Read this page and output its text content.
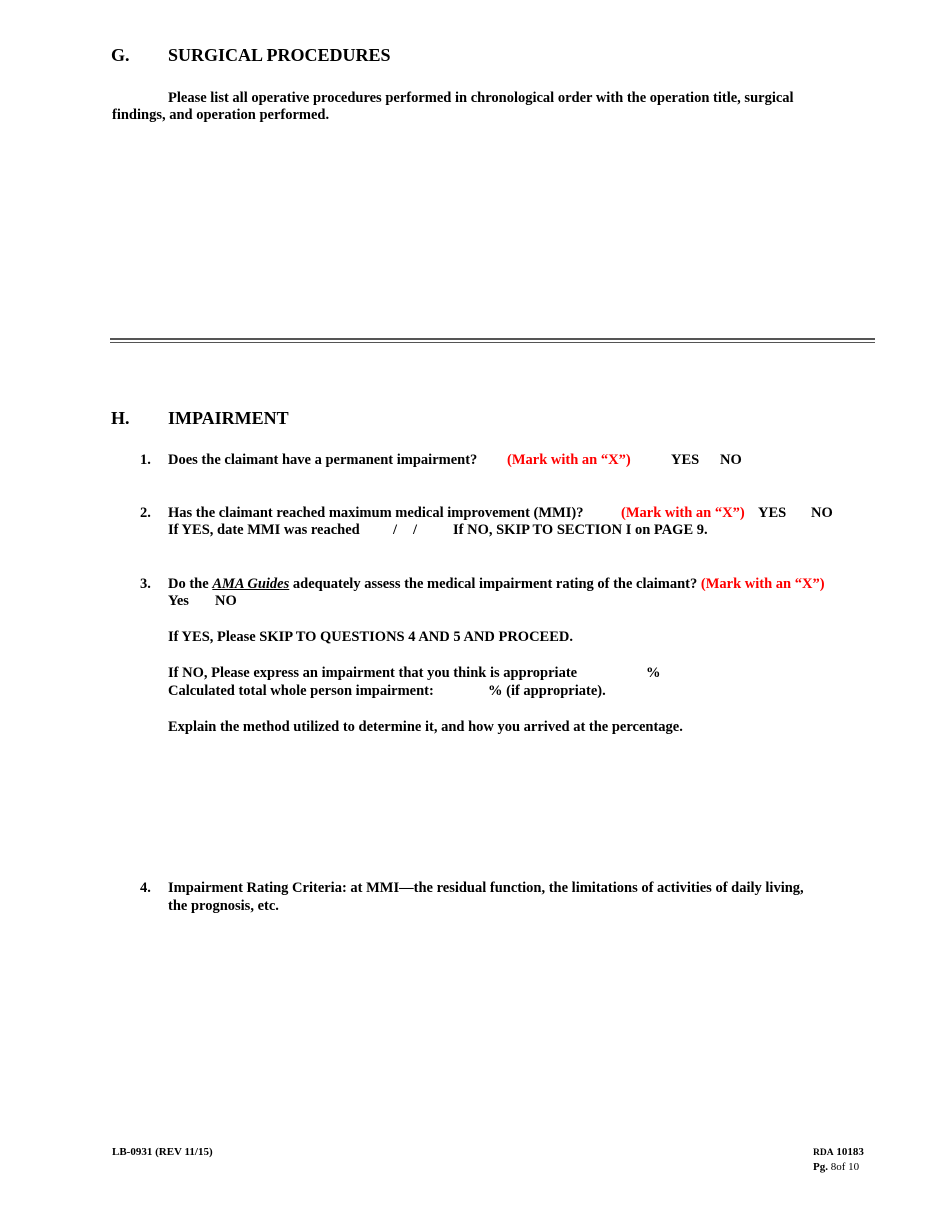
G. SURGICAL PROCEDURES
Please list all operative procedures performed in chronological order with the operation title, surgical
findings, and operation performed.
H. IMPAIRMENT
1. Does the claimant have a permanent impairment? (Mark with an “X”)	YES NO
2. Has the claimant reached maximum medical improvement (MMI)?	(Mark with an “X”) YES NO
If YES, date MMI was reached / / If NO, SKIP TO SECTION I on PAGE 9.
3. Do the AMA Guides adequately assess the medical impairment rating of the claimant? (Mark with an “X”)
Yes NO
If YES, Please SKIP TO QUESTIONS 4 AND 5 AND PROCEED.
If NO, Please express an impairment that you think is appropriate	%
Calculated total whole person impairment:	% (if appropriate).
Explain the method utilized to determine it, and how you arrived at the percentage.
4. Impairment Rating Criteria: at MMI—the residual function, the limitations of activities of daily living,
the prognosis, etc.
LB-0931 (REV 11/15)	RDA 10183
Pg. 8of 10
